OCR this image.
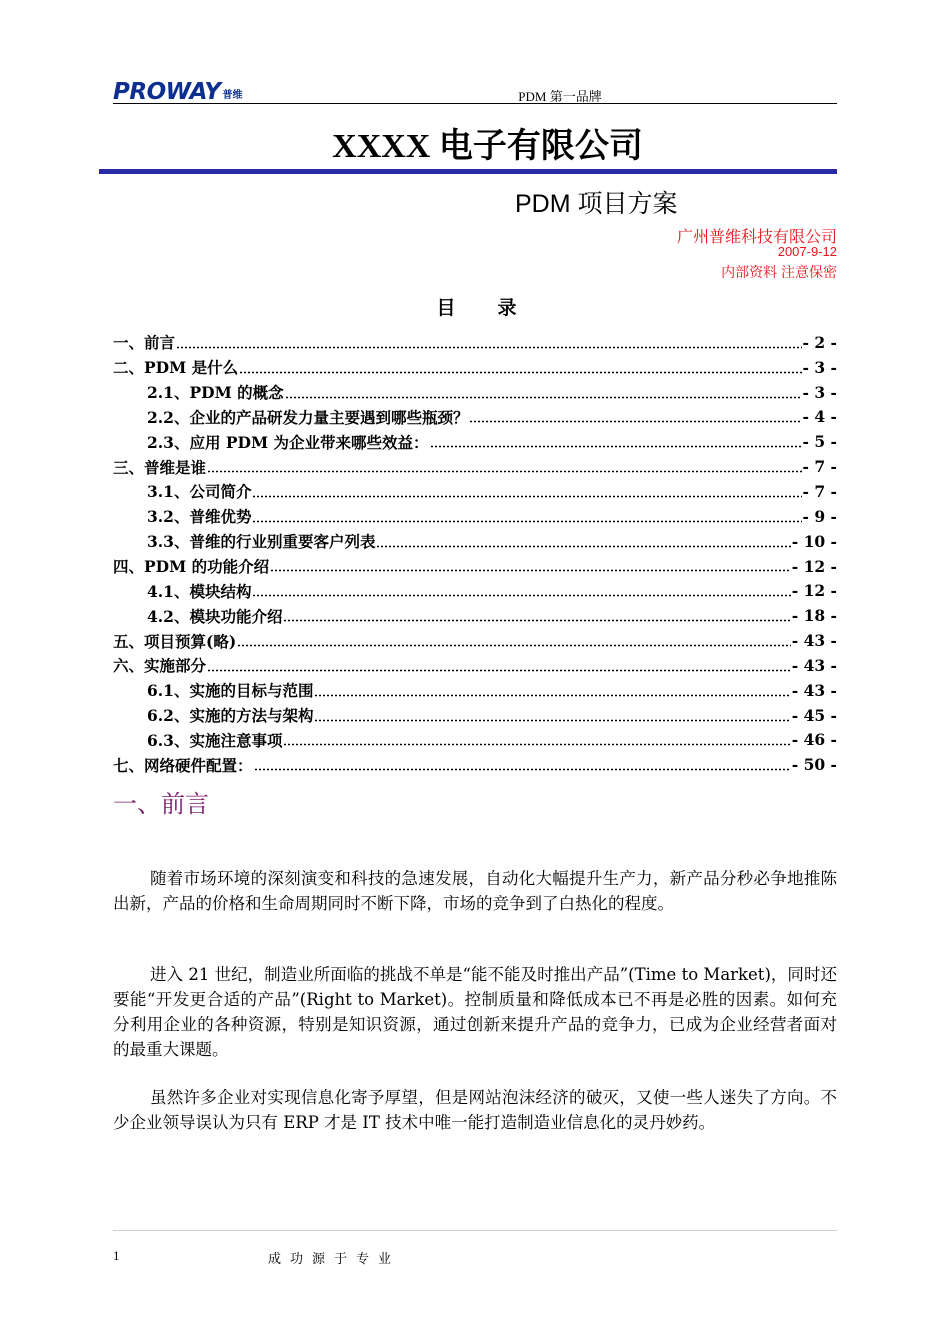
PROWAY 普维	PDM 第一品牌
XXXX 电子有限公司
PDM 项目方案
广州普维科技有限公司
2007-9-12
内部资料 注意保密
目录
一、前言	- 2 -
二、PDM 是什么	- 3 -
2.1、PDM 的概念	- 3 -
2.2、企业的产品研发力量主要遇到哪些瓶颈？	- 4 -
2.3、应用 PDM 为企业带来哪些效益：	- 5 -
三、普维是谁	- 7 -
3.1、公司简介	- 7 -
3.2、普维优势	- 9 -
3.3、普维的行业别重要客户列表	- 10 -
四、PDM 的功能介绍	- 12 -
4.1、模块结构	- 12 -
4.2、模块功能介绍	- 18 -
五、项目预算(略)	- 43 -
六、实施部分	- 43 -
6.1、实施的目标与范围	- 43 -
6.2、实施的方法与架构	- 45 -
6.3、实施注意事项	- 46 -
七、网络硬件配置：	- 50 -
一、前言

随着市场环境的深刻演变和科技的急速发展，自动化大幅提升生产力，新产品分秒必争地推陈出新，产品的价格和生命周期同时不断下降，市场的竞争到了白热化的程度。

进入 21 世纪，制造业所面临的挑战不单是“能不能及时推出产品”(Time to Market)，同时还要能“开发更合适的产品”(Right to Market)。控制质量和降低成本已不再是必胜的因素。如何充分利用企业的各种资源，特别是知识资源，通过创新来提升产品的竞争力，已成为企业经营者面对的最重大课题。

虽然许多企业对实现信息化寄予厚望，但是网站泡沫经济的破灭，又使一些人迷失了方向。不少企业领导误认为只有 ERP 才是 IT 技术中唯一能打造制造业信息化的灵丹妙药。

1	成功源于专业
